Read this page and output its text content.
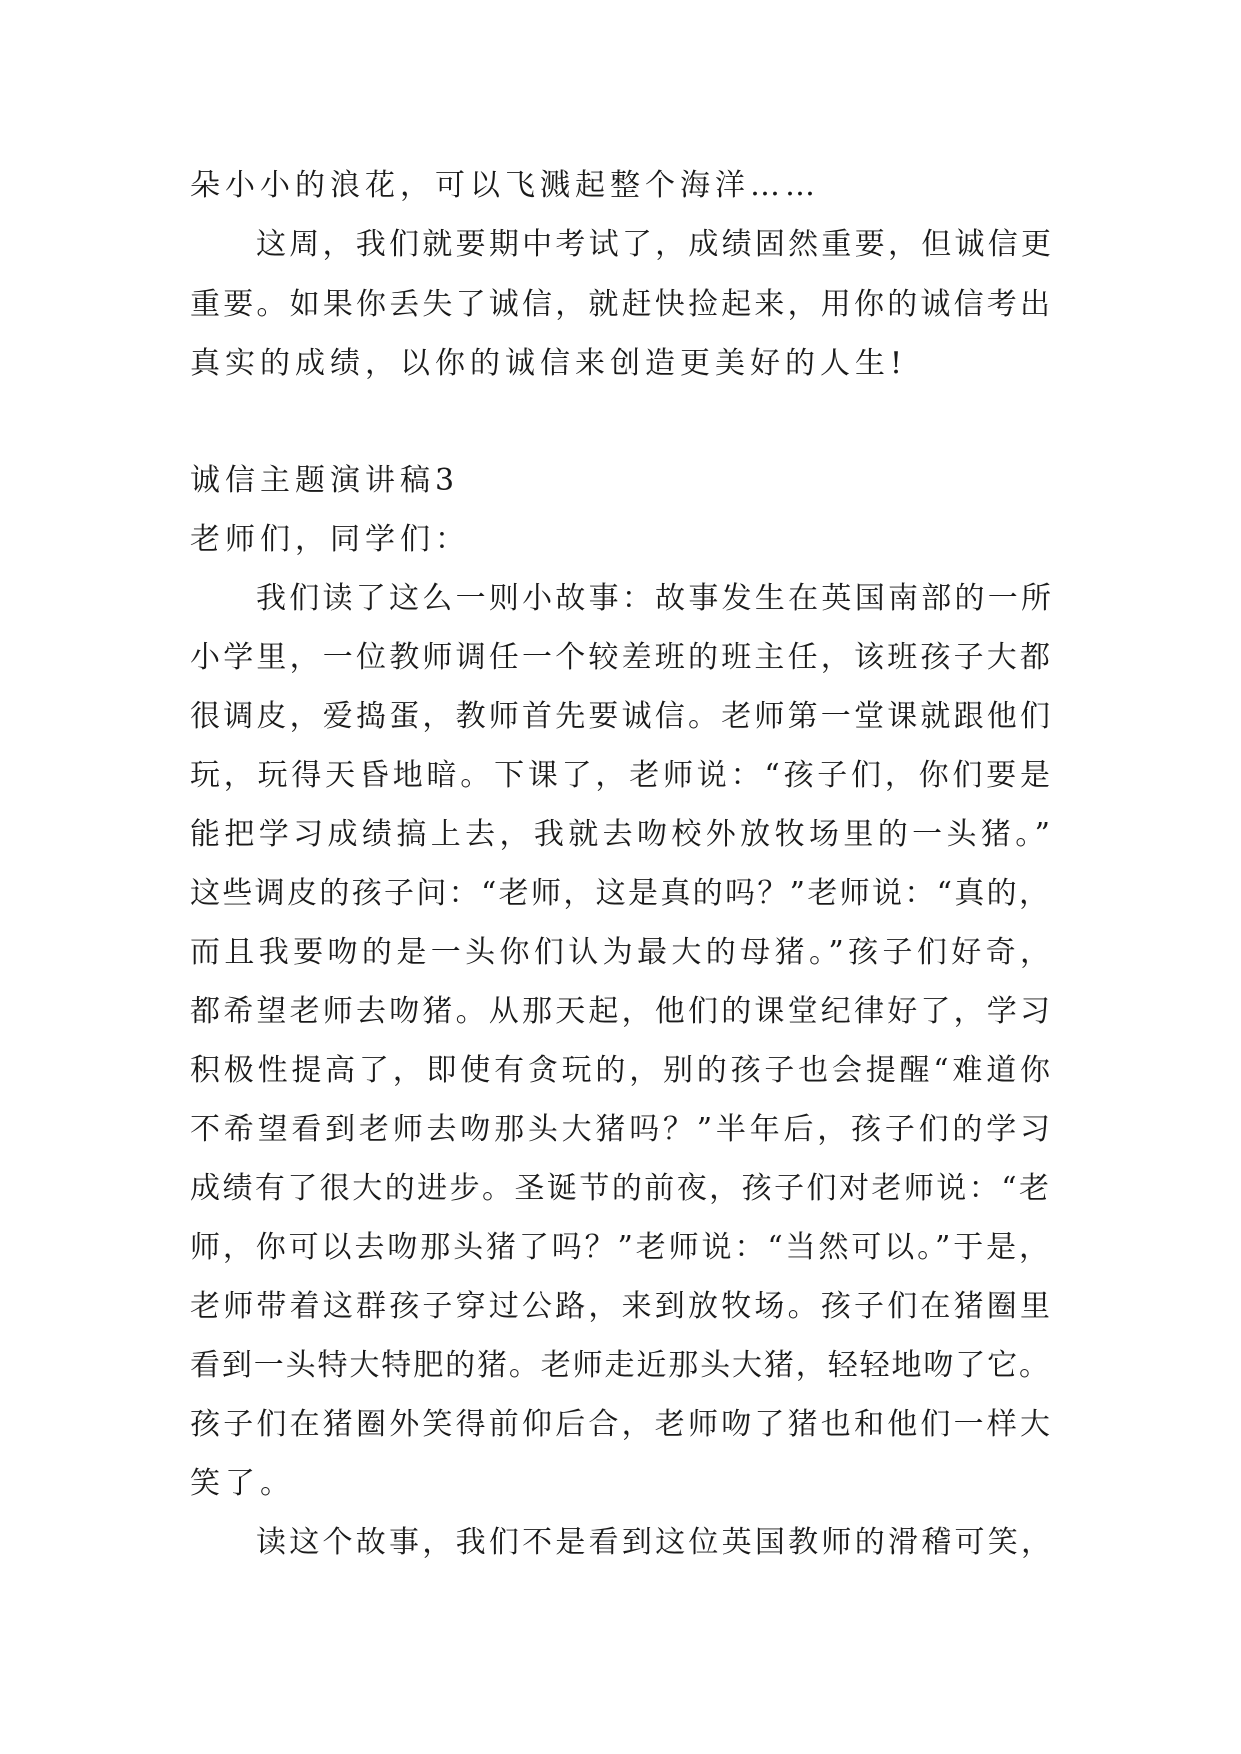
朵小小的浪花，可以飞溅起整个海洋……
这周，我们就要期中考试了，成绩固然重要，但诚信更
重要。如果你丢失了诚信，就赶快捡起来，用你的诚信考出
真实的成绩，以你的诚信来创造更美好的人生!
诚信主题演讲稿3
老师们，同学们：
我们读了这么一则小故事：故事发生在英国南部的一所
小学里，一位教师调任一个较差班的班主任，该班孩子大都
很调皮，爱捣蛋，教师首先要诚信。老师第一堂课就跟他们
玩，玩得天昏地暗。下课了，老师说：“孩子们，你们要是
能把学习成绩搞上去，我就去吻校外放牧场里的一头猪。”
这些调皮的孩子问：“老师，这是真的吗？”老师说：“真的，
而且我要吻的是一头你们认为最大的母猪。”孩子们好奇，
都希望老师去吻猪。从那天起，他们的课堂纪律好了，学习
积极性提高了，即使有贪玩的，别的孩子也会提醒“难道你
不希望看到老师去吻那头大猪吗？”半年后，孩子们的学习
成绩有了很大的进步。圣诞节的前夜，孩子们对老师说：“老
师，你可以去吻那头猪了吗？”老师说：“当然可以。”于是，
老师带着这群孩子穿过公路，来到放牧场。孩子们在猪圈里
看到一头特大特肥的猪。老师走近那头大猪，轻轻地吻了它。
孩子们在猪圈外笑得前仰后合，老师吻了猪也和他们一样大
笑了。
读这个故事，我们不是看到这位英国教师的滑稽可笑，
